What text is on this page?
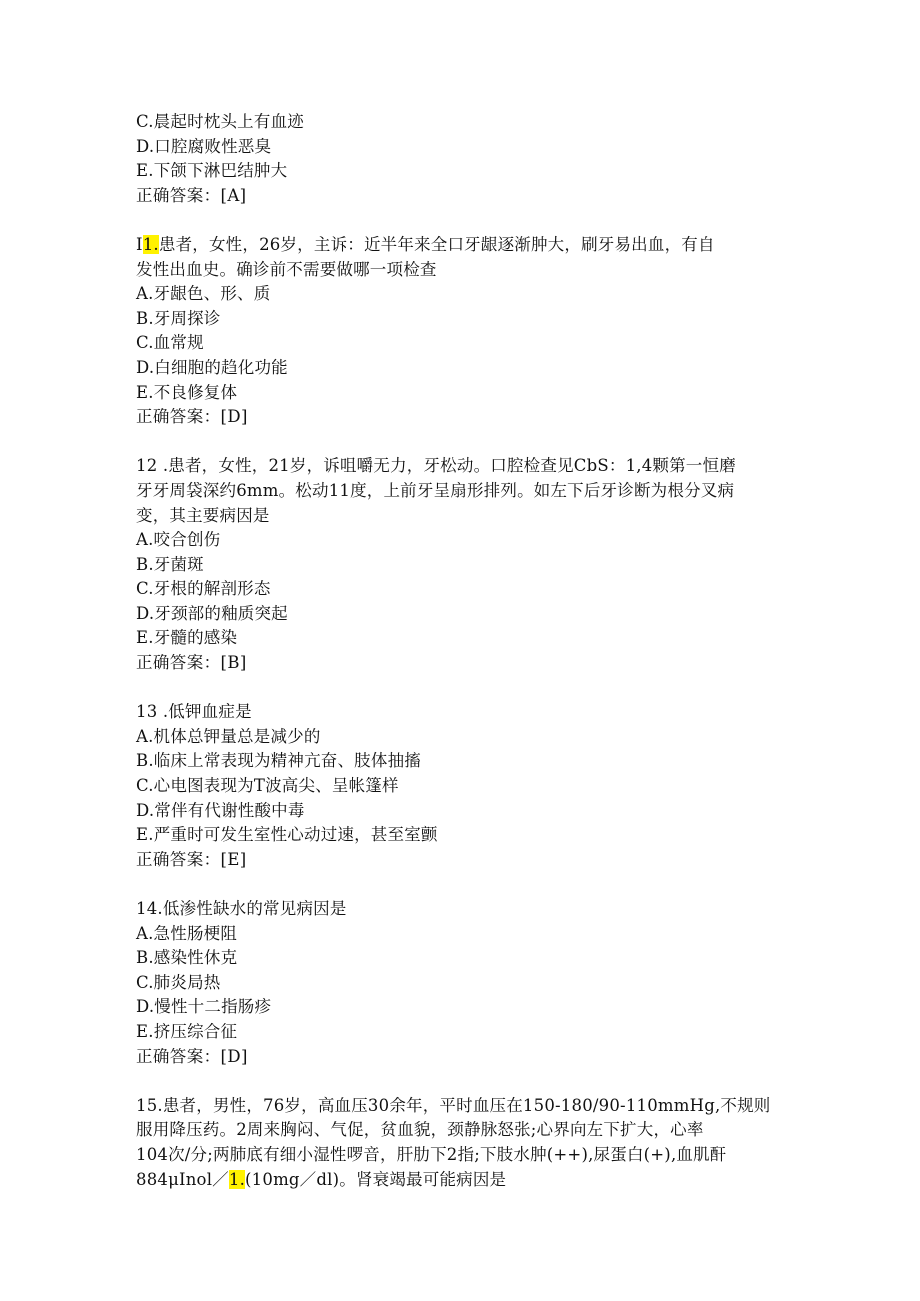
C.晨起时枕头上有血迹
D.口腔腐败性恶臭
E.下颌下淋巴结肿大
正确答案：[A]
I1.患者，女性，26岁，主诉：近半年来全口牙龈逐渐肿大，刷牙易出血，有自
发性出血史。确诊前不需要做哪一项检查
A.牙龈色、形、质
B.牙周探诊
C.血常规
D.白细胞的趋化功能
E.不良修复体
正确答案：[D]
12 .患者，女性，21岁，诉咀嚼无力，牙松动。口腔检查见CbS：1,4颗第一恒磨
牙牙周袋深约6mm。松动11度，上前牙呈扇形排列。如左下后牙诊断为根分叉病
变，其主要病因是
A.咬合创伤
B.牙菌斑
C.牙根的解剖形态
D.牙颈部的釉质突起
E.牙髓的感染
正确答案：[B]
13 .低钾血症是
A.机体总钾量总是减少的
B.临床上常表现为精神亢奋、肢体抽搐
C.心电图表现为T波高尖、呈帐篷样
D.常伴有代谢性酸中毒
E.严重时可发生室性心动过速，甚至室颤
正确答案：[E]
14.低渗性缺水的常见病因是
A.急性肠梗阻
B.感染性休克
C.肺炎局热
D.慢性十二指肠疹
E.挤压综合征
正确答案：[D]
15.患者，男性，76岁，高血压30余年，平时血压在150-180/90-110mmHg,不规则
服用降压药。2周来胸闷、气促，贫血貌，颈静脉怒张;心界向左下扩大，心率
104次/分;两肺底有细小湿性啰音，肝肋下2指;下肢水肿(++),尿蛋白(+),血肌酐
884μInol／1.(10mg／dl)。肾衰竭最可能病因是
